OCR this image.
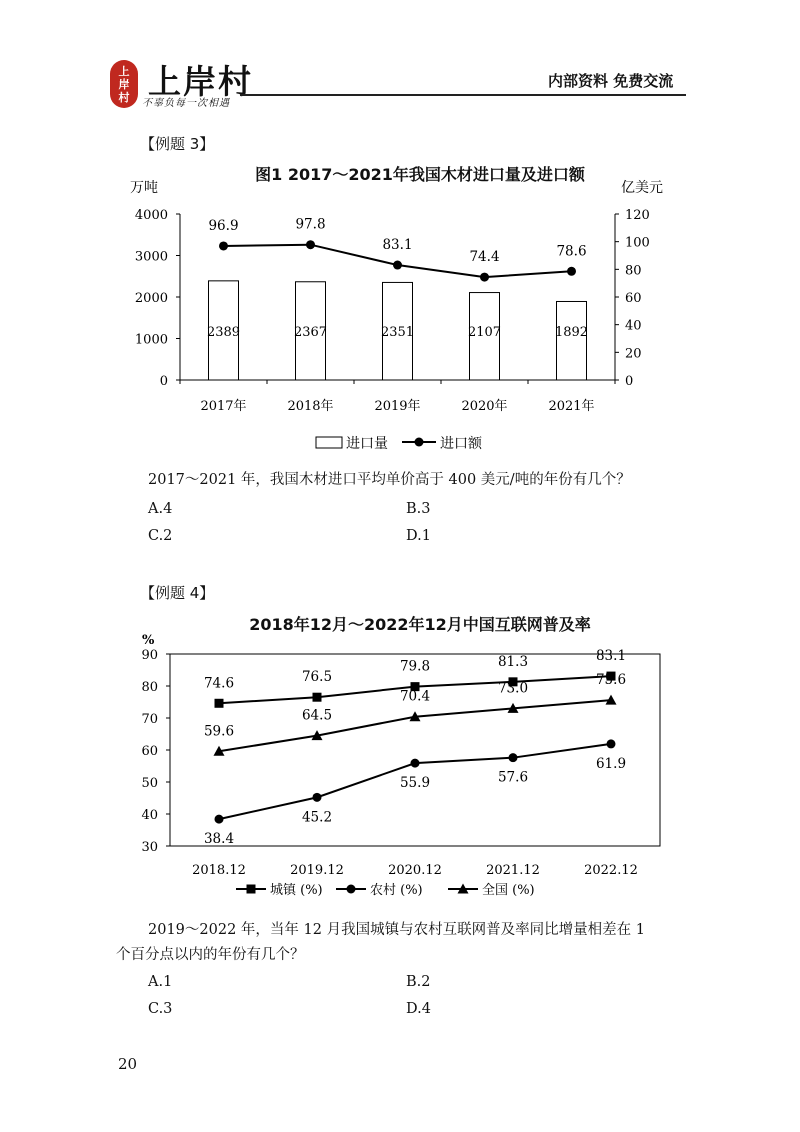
上
岸
村 上岸村
不辜负每一次相遇
内部资料 免费交流
【例题 3】
图1 2017～2021年我国木材进口量及进口额
0
1000
2000
3000
4000
0
20
40
60
80
100
120
万吨	亿美元
2389
2017年
2367
2018年
2351
2019年
2107
2020年
1892
2021年
96.9	97.8
83.1
74.4	78.6
进口量	进口额
2017～2021 年，我国木材进口平均单价高于 400 美元/吨的年份有几个？
A.4	B.3
C.2	D.1
【例题 4】
2018年12月～2022年12月中国互联网普及率
30
40
50
60
70
80
90
%
2018.12	2019.12	2020.12	2021.12	2022.12
74.6	76.5
79.8	81.3	83.1
38.4
45.2
55.9	57.6
61.9
59.6
64.5
70.4
73.0
75.6
城镇 (%)	农村 (%)	全国 (%)
2019～2022 年，当年 12 月我国城镇与农村互联网普及率同比增量相差在 1
个百分点以内的年份有几个？
A.1	B.2
C.3	D.4
20
